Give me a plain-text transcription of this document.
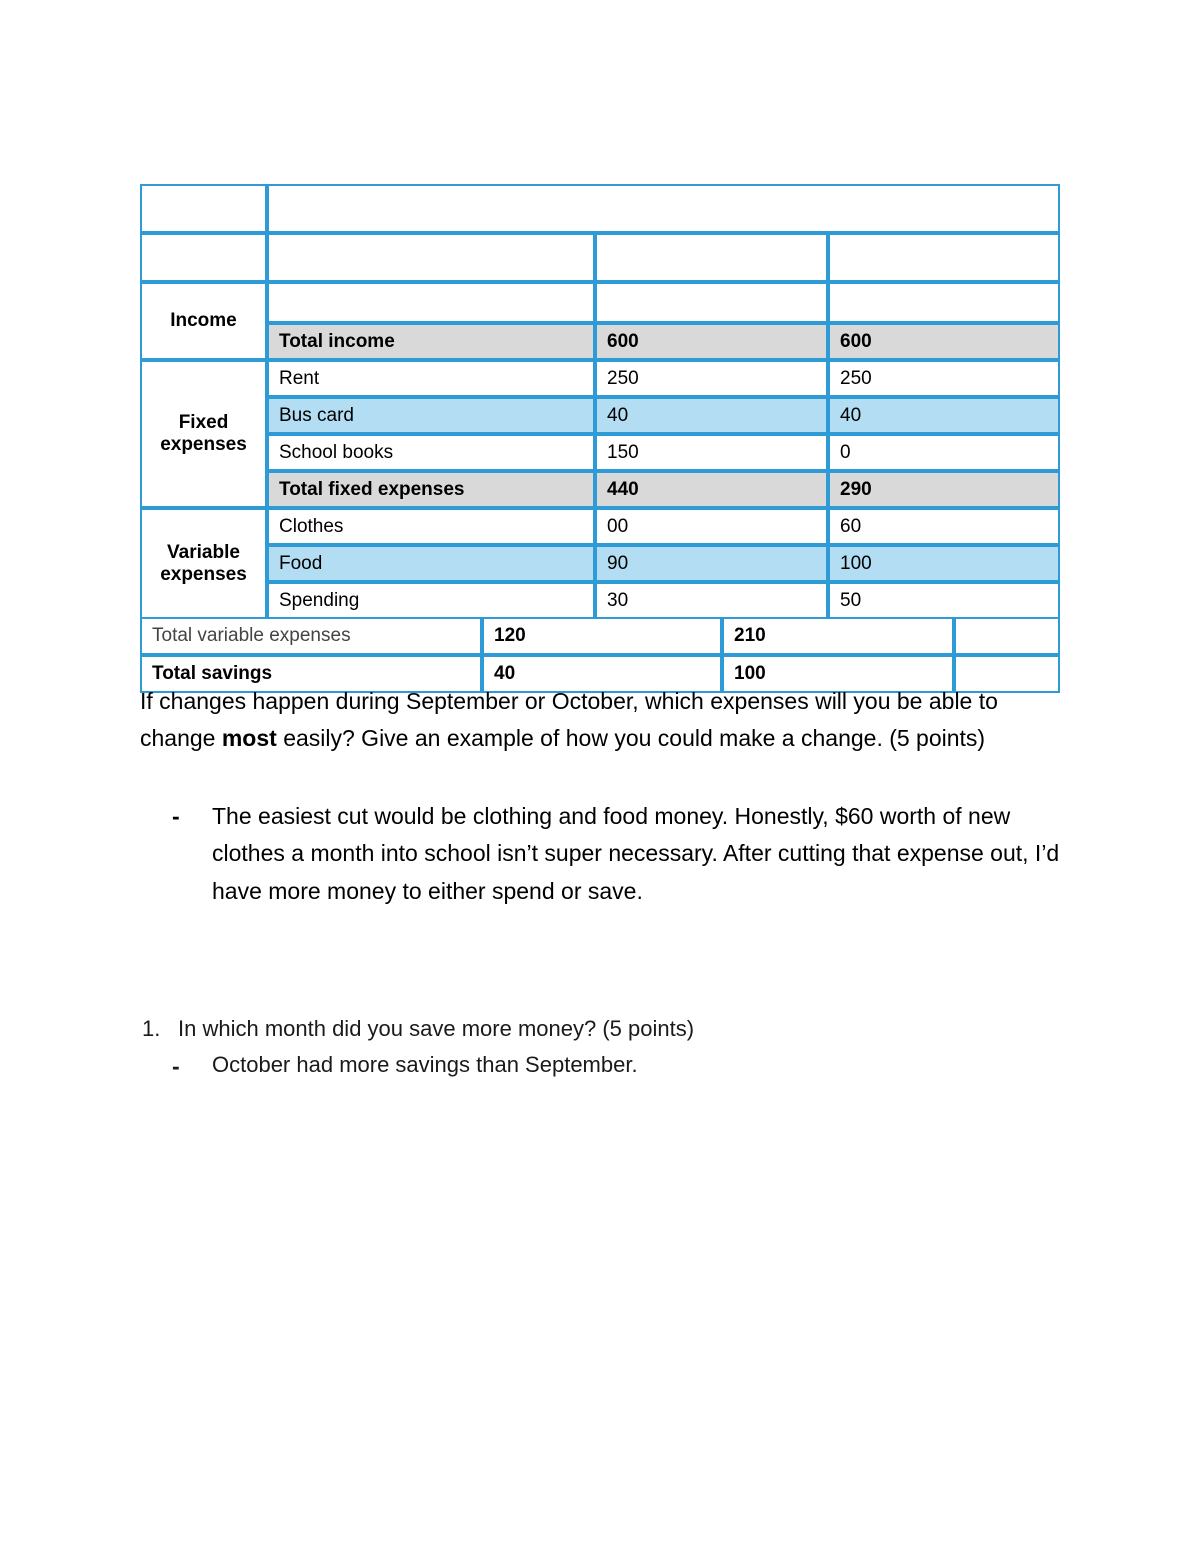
	Personal Budget		
	Income and Expenses	September	October
Income			
	Total income	600	600
Fixed
expenses	Rent	250	250
	Bus card	40	40
	School books	150	0
	Total fixed expenses	440	290
Variable
expenses	Clothes	00	60
	Food	90	100
	Spending	30	50
Total variable expenses	120	210	
Total savings	40	100	

If changes happen during September or October, which expenses will you be able to change most easily? Give an example of how you could make a change. (5 points)

-	The easiest cut would be clothing and food money. Honestly, $60 worth of new clothes a month into school isn’t super necessary. After cutting that expense out, I’d have more money to either spend or save.
1. In which month did you save more money? (5 points)
-	October had more savings than September.
